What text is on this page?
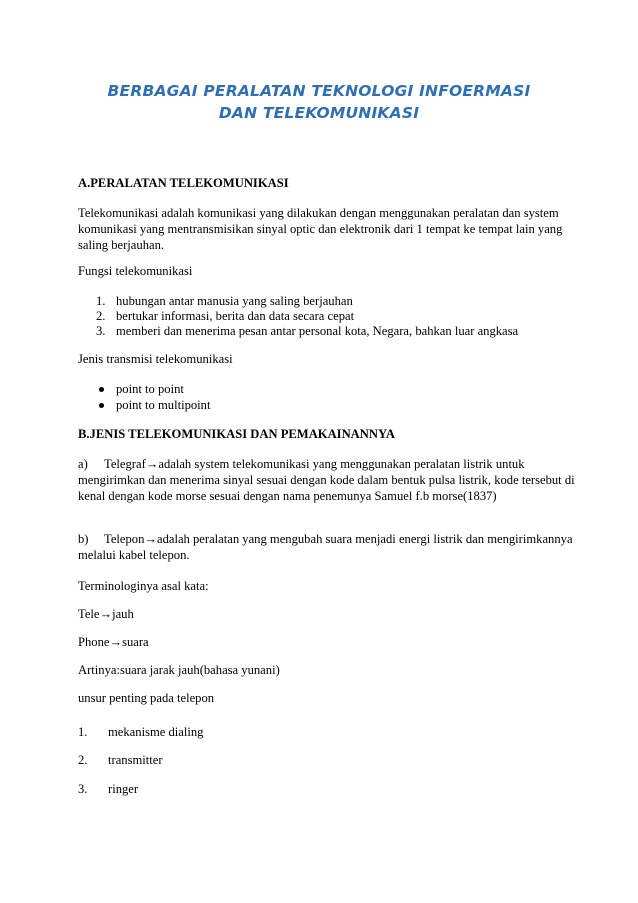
BERBAGAI PERALATAN TEKNOLOGI INFOERMASI
DAN TELEKOMUNIKASI
A.PERALATAN TELEKOMUNIKASI
Telekomunikasi adalah komunikasi yang dilakukan dengan menggunakan peralatan dan system komunikasi yang mentransmisikan sinyal optic dan elektronik dari 1 tempat ke tempat lain yang saling berjauhan.
Fungsi telekomunikasi
1. hubungan antar manusia yang saling berjauhan
2. bertukar informasi, berita dan data secara cepat
3. memberi dan menerima pesan antar personal kota, Negara, bahkan luar angkasa
Jenis transmisi telekomunikasi
point to point
point to multipoint
B.JENIS TELEKOMUNIKASI DAN PEMAKAINANNYA
a) Telegraf→adalah system telekomunikasi yang menggunakan peralatan listrik untuk mengirimkan dan menerima sinyal sesuai dengan kode dalam bentuk pulsa listrik, kode tersebut di kenal dengan kode morse sesuai dengan nama penemunya Samuel f.b morse(1837)
b) Telepon→adalah peralatan yang mengubah suara menjadi energi listrik dan mengirimkannya melalui kabel telepon.
Terminologinya asal kata:
Tele→jauh
Phone→suara
Artinya:suara jarak jauh(bahasa yunani)
unsur penting pada telepon
1. mekanisme dialing
2. transmitter
3. ringer
